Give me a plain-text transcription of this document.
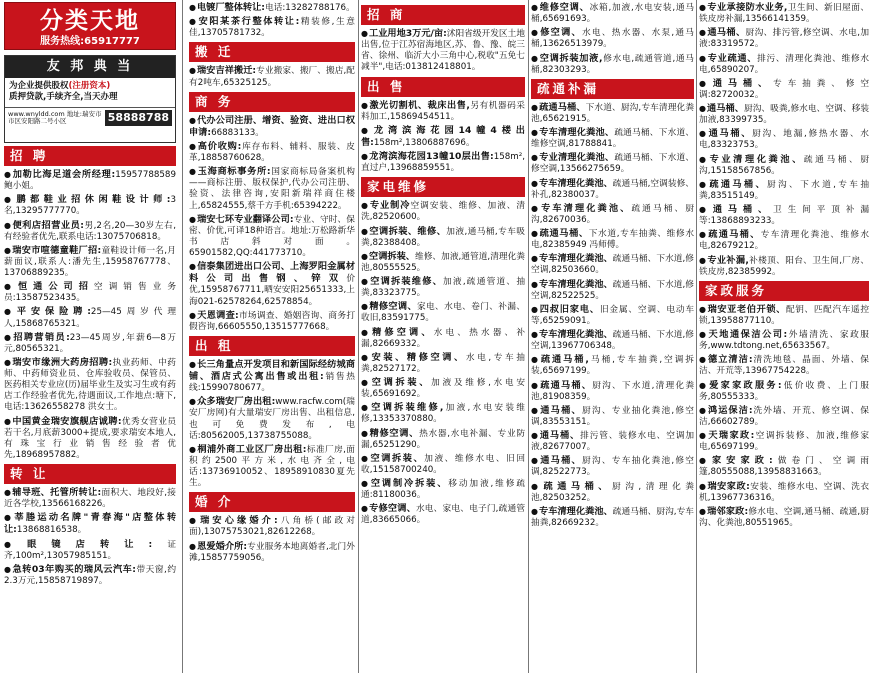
分类天地
服务热线:65917777
友 邦 典 当
为企业提供股权(注册资本)
质押贷款,手续齐全,当天办理
www.wnyldd.com 地址:瑞安市市区安阳路二号小区	58888788
招 聘
● 加勒比海足道会所经理:15957788589 鲍小姐。
● 鹏都鞋业招休闲鞋设计师:3名,13295777770。
● 便利店招营业员:男,2名,20—30岁左右,有经验者优先,联系电话:13075706818。
● 瑞安市喧德童鞋厂招:童鞋设计师一名,月薪面议,联系人:潘先生,15958767778、13706889235。
● 恒通公司招空调销售业务员:13587523435。
● 平安保险聘:25—45周岁代理人,15868765321。
● 招聘营销员:23—45周岁,年薪6—8万元,80565321。
● 瑞安市缘洲大药房招聘:执业药师、中药师、中药师资业员、仓库验收员、保管员、医药相关专业应(历)届毕业生及实习生或有药店工作经验者优先,待遇面议,工作地点:塘下,电话:13626558278 洪女士。
● 中国黄金瑞安旗舰店诚聘:优秀女营业员若干名,月底薪3000+提成,要求瑞安本地人,有珠宝行业销售经验者优先,18968957882。
转 让
● 辅导班、托管所转让:面积大、地段好,接近各学校,13566168226。
● 莘塍运动名牌"青春海"店整体转让:13868816538。
● 眼镜店转让:证齐,100m²,13057985151。
● 急转03年购买的瑞风云汽车:带天窗,约2.3万元,15858719897。
● 电镀厂整体转让:电话:13282788176。
● 安阳某茶行整体转让:精装修,生意佳,13705781732。
搬 迁
● 瑞安吉祥搬迁:专业搬家、搬厂、搬店,配有2吨车,65325125。
商 务
● 代办公司注册、增资、验资、进出口权申请:66883133。
● 高价收购:库存布料、辅料、服装、皮革,18858760628。
● 玉海商标事务所:国家商标局备案机构——商标注册、版权保护,代办公司注册、验资、法律咨询,安阳新瑞祥商住楼上,65824555,蔡千方手机:65394222。
● 瑞安七环专业翻译公司:专业、守时、保密、价优,可译18种语言。地址:万松路新华书店斜对面。65901582,QQ:441773710。
● 信泰集团进出口公司、上海罗阳金属材料公司出售钢、锌双价优,15958767711,晒安安阳25651333,上海021-62578264,62578854。
● 天恩调查:市场调查、婚姻咨询、商务打假咨询,66605550,13515777668。
出 租
● 长三角量点开发项目和新国际经纺城商铺、酒店式公寓出售或出租:销售热线:15990780677。
● 众多瑞安厂房出租:www.racfw.com(瑞安厂房网)有大量瑞安厂房出售、出租信息,也可免费发布,电话:80562005,13738755088。
● 桐浦外商工业区厂房出租:标准厂房,面积约2500平方米,水电齐全,电话:13736910052、18958910830夏先生。
婚 介
● 瑞安心缘婚介:八角桥(邮政对面),13075753021,82612268。
● 恩爱婚介所:专业服务本地离婚者,北门外滩,15857759056。
招 商
● 工业用地3万元/亩:沭阳省级开发区土地出售,位于江苏宿海地区,苏、鲁、豫、皖三省、徐州、临沂大小三角中心,税收"五免七减半",电话:013812418801。
出 售
● 激光切割机、裁床出售,另有机器码采料加工,15869454511。
● 龙湾滨海花园14幢4楼出售:158m²,13806887696。
● 龙湾滨海花园13幢10层出售:158m²,直过户,13968859551。
家电维修
● 专业制冷空调安装、维修、加液、清洗,82520600。
● 空调拆装、维修、加液,通马桶,专车吸粪,82388408。
● 空调拆装、维修、加液,通管道,清理化粪池,80555525。
● 空调拆装维修、加液,疏通管道、抽粪,83323775。
● 精修空调、家电、水电、卷门、补漏、收旧,83591775。
● 精修空调、水电、热水器、补漏,82669332。
● 安装、精修空调、水电,专车抽粪,82527172。
● 空调拆装、加液及维修,水电安装,65691692。
● 空调拆装维修,加液,水电安装维修,13353370880。
● 精修空调、热水器,水电补漏、专业防漏,65251290。
● 空调拆装、加液、维修水电、旧回收,15158700240。
● 空调制冷拆装、移动加液,维修疏通:81180036。
● 专修空调、水电、家电、电子门,疏通管道,83665066。
● 维修空调、冰箱,加液,水电安装,通马桶,65691693。
● 修空调、水电、热水器、水泵,通马桶,13626513979。
● 空调拆装加液,修水电,疏通管道,通马桶,82303293。
疏通补漏
● 疏通马桶、下水道、厨沟,专车清理化粪池,65621915。
● 专车清理化粪池、疏通马桶、下水道、维修空调,81788841。
● 专业清理化粪池、疏通马桶、下水道、修空调,13566275659。
● 专车清理化粪池、疏通马桶,空调装修、补孔,82380037。
● 专车清理化粪池、疏通马桶、厨沟,82670036。
● 疏通马桶、下水道,专车抽粪、维修水电,82385949 冯师傅。
● 专车清理化粪池、疏通马桶、下水道,修空调,82503660。
● 专车清理化粪池、疏通马桶、下水道,修空调,82522525。
● 四叔旧家电、旧金属、空调、电动车等,65259091。
● 专车清理化粪池、疏通马桶、下水道,修空调,13967706348。
● 疏通马桶,马桶,专车抽粪,空调拆装,65697199。
● 疏通马桶、厨沟、下水道,清理化粪池,81908359。
● 通马桶、厨沟、专业抽化粪池,修空调,83553151。
● 通马桶、排污管、装修水电、空调加液,82677007。
● 通马桶、厨沟、专车抽化粪池,修空调,82522773。
● 疏通马桶、厨沟,清理化粪池,82503252。
● 专车清理化粪池、疏通马桶、厨沟,专车抽粪,82669232。
● 专业承接防水业务,卫生间、新旧屋面、铁皮房补漏,13566141359。
● 通马桶、厨沟、排污管,修空调、水电,加液:83319572。
● 专业疏通、排污、清理化粪池、维修水电,65890207。
● 通马桶、专车抽粪、修空调:82720032。
● 通马桶、厨沟、吸粪,修水电、空调、移装加液,83399735。
● 通马桶、厨沟、地漏,修热水器、水电,83323753。
● 专业清理化粪池、疏通马桶、厨沟,15158567856。
● 疏通马桶、厨沟、下水道,专车抽粪,83515149。
● 通马桶、卫生间平顶补漏等:13868893233。
● 疏通马桶、专车清理化粪池、维修水电,82679212。
● 专业补漏,补楼顶、阳台、卫生间,厂房、铁皮房,82385992。
家政服务
● 瑞安亚老伯开锁、配钥、匹配汽车遥控锁,13958877110。
● 天地通保洁公司:外墙清洗、家政服务,www.tdtong.net,65633567。
● 德立清洁:清洗地毯、晶面、外墙、保洁、开荒等,13967754228。
● 爱家家政服务:低价收费、上门服务,80555333。
● 鸿运保洁:洗外墙、开荒、修空调、保洁,66602789。
● 天瑞家政:空调拆装修、加液,维修家电,65697199。
● 家安家政:做卷门、空调雨篷,80555088,13958831663。
● 瑞安家政:安装、维修水电、空调、洗衣机,13967736316。
● 瑞邻家政:修水电、空调,通马桶、疏通,厨沟、化粪池,80551965。
